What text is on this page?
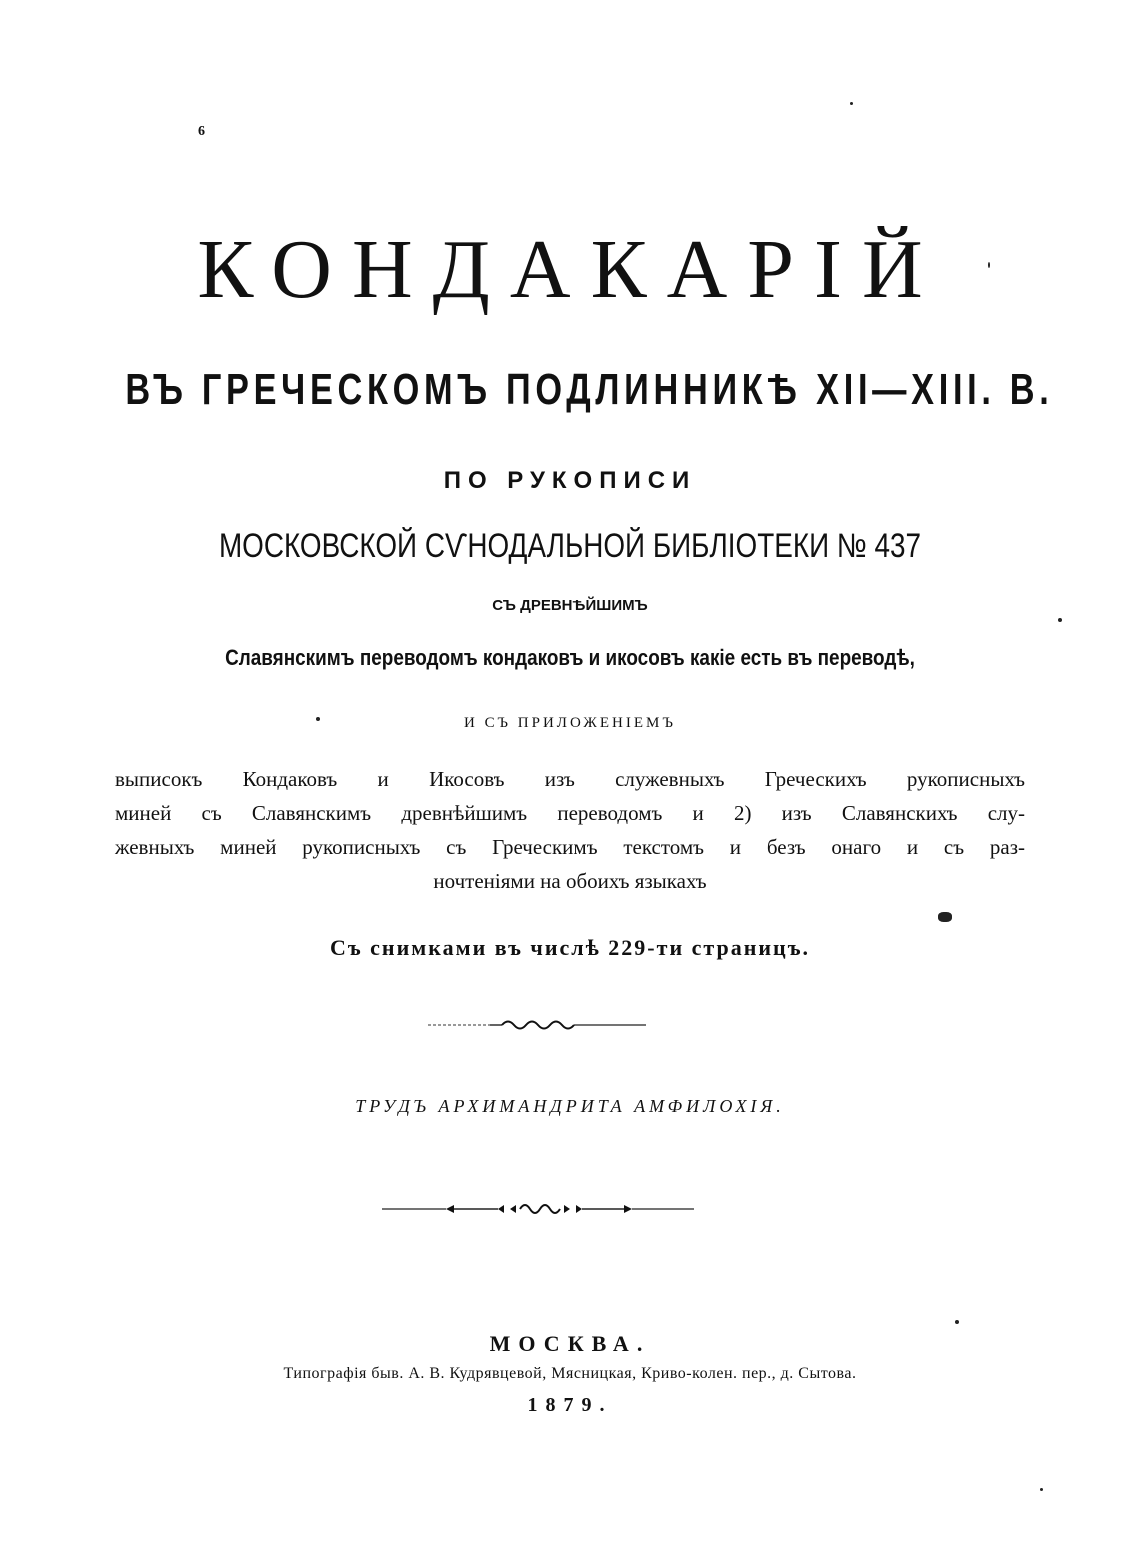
6
КОНДАКАРІЙ
ВЪ ГРЕЧЕСКОМЪ ПОДЛИННИКѢ XII—XIII. В.
ПО РУКОПИСИ
МОСКОВСКОЙ СѴНОДАЛЬНОЙ БИБЛІОТЕКИ № 437
СЪ ДРЕВНѢЙШИМЪ
Славянскимъ переводомъ кондаковъ и икосовъ какіе есть въ переводѣ,
И СЪ ПРИЛОЖЕНІЕМЪ
выписокъ Кондаковъ и Икосовъ изъ служевныхъ Греческихъ рукописныхъ
миней съ Славянскимъ древнѣйшимъ переводомъ и 2) изъ Славянскихъ слу-
жевныхъ миней рукописныхъ съ Греческимъ текстомъ и безъ онаго и съ раз-
ночтеніями на обоихъ языкахъ
Съ снимками въ числѣ 229-ти страницъ.
ТРУДЪ АРХИМАНДРИТА АМФИЛОХІЯ.
МОСКВА.
Типографія быв. А. В. Кудрявцевой, Мясницкая, Криво-колен. пер., д. Сытова.
1879.
